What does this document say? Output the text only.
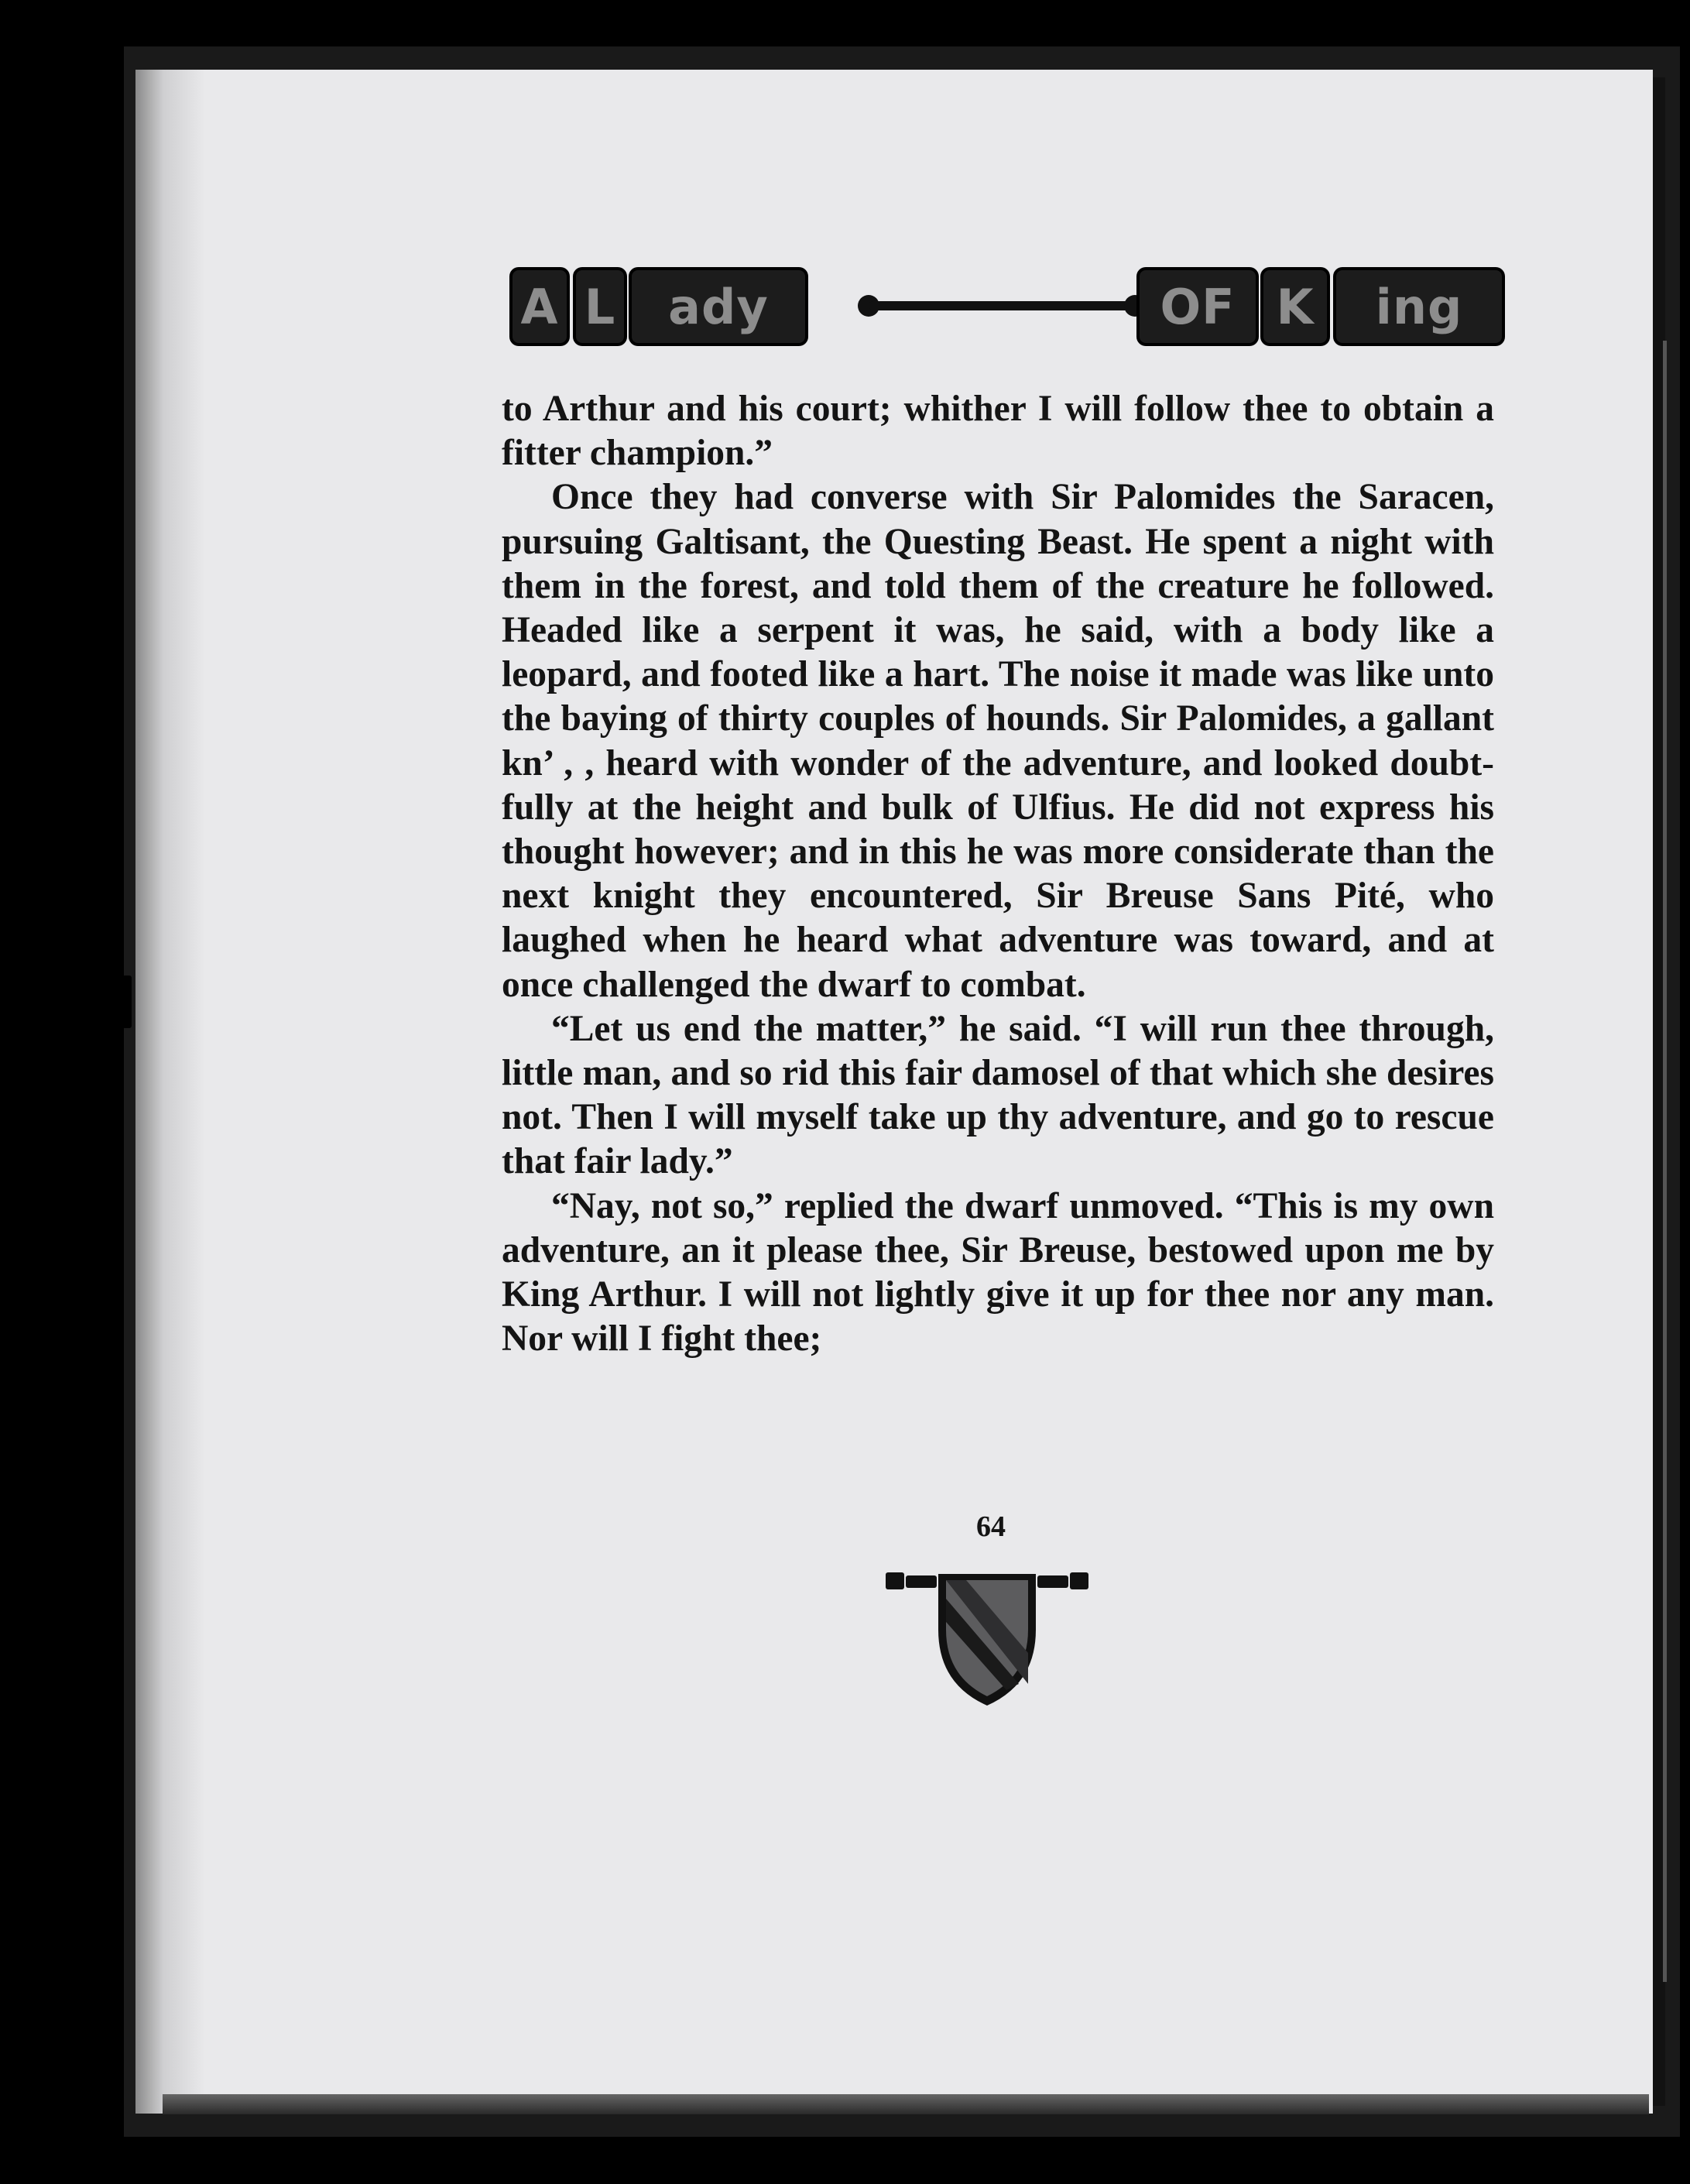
A L	ady	OF K	ing

to Arthur and his court; whither I will follow thee to obtain a fitter champion.”

Once they had converse with Sir Palomides the Saracen, pursuing Galtisant, the Questing Beast. He spent a night with them in the forest, and told them of the creature he followed. Headed like a serpent it was, he said, with a body like a leopard, and footed like a hart. The noise it made was like unto the baying of thirty couples of hounds. Sir Palomides, a gallant kn’ , , heard with wonder of the adventure, and looked doubtfully at the height and bulk of Ulfius. He did not express his thought however; and in this he was more considerate than the next knight they encountered, Sir Breuse Sans Pité, who laughed when he heard what adventure was toward, and at once challenged the dwarf to combat.

“Let us end the matter,” he said. “I will run thee through, little man, and so rid this fair damosel of that which she desires not. Then I will myself take up thy adventure, and go to rescue that fair lady.”

“Nay, not so,” replied the dwarf unmoved. “This is my own adventure, an it please thee, Sir Breuse, bestowed upon me by King Arthur. I will not lightly give it up for thee nor any man. Nor will I fight thee;

64
